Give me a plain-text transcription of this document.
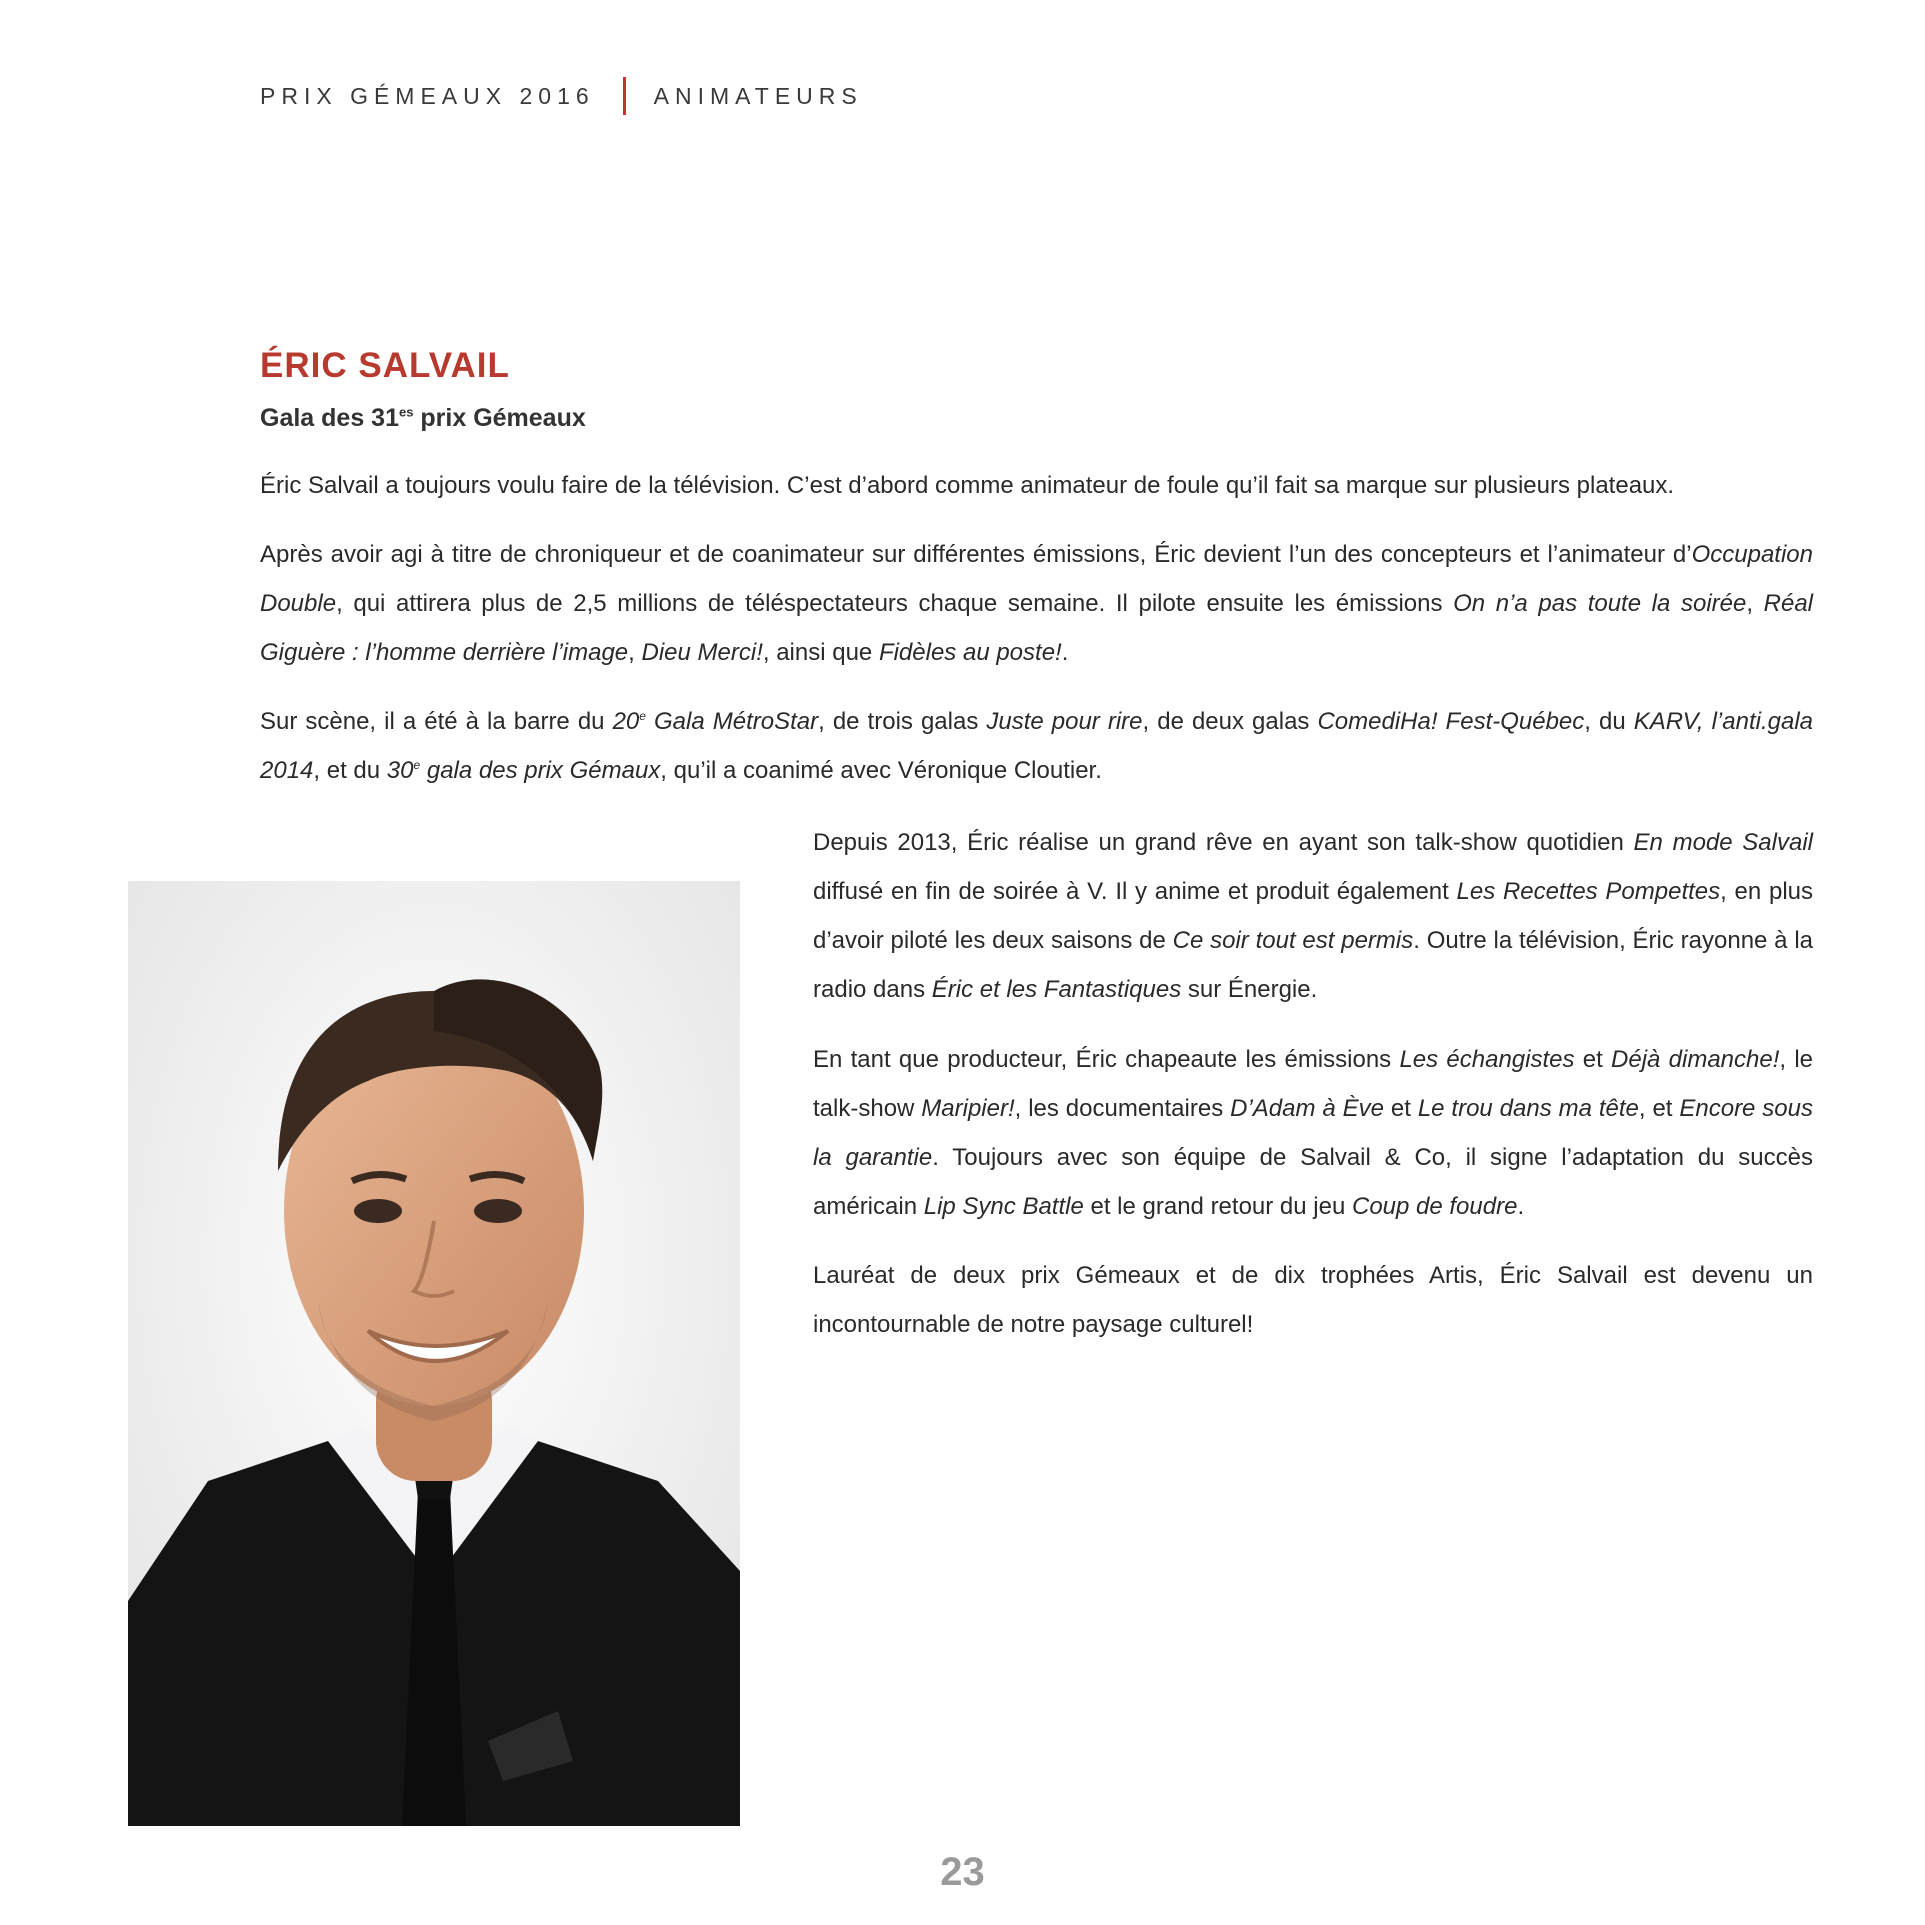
PRIX GÉMEAUX 2016	ANIMATEURS
ÉRIC SALVAIL

Gala des $31^{es}$ prix Gémeaux

Éric Salvail a toujours voulu faire de la télévision. C’est d’abord comme animateur de foule qu’il fait sa marque sur plusieurs plateaux.

Après avoir agi à titre de chroniqueur et de coanimateur sur différentes émissions, Éric devient l’un des concepteurs et l’animateur d’Occupation Double, qui attirera plus de 2,5 millions de téléspectateurs chaque semaine. Il pilote ensuite les émissions On n’a pas toute la soirée, Réal Giguère : l’homme derrière l’image, Dieu Merci!, ainsi que Fidèles au poste!.

Sur scène, il a été à la barre du 20e Gala MétroStar, de trois galas Juste pour rire, de deux galas ComediHa! Fest-Québec, du KARV, l’anti.gala 2014, et du 30e gala des prix Gémaux, qu’il a coanimé avec Véronique Cloutier.

Depuis 2013, Éric réalise un grand rêve en ayant son talk-show quotidien En mode Salvail diffusé en fin de soirée à V. Il y anime et produit également Les Recettes Pompettes, en plus d’avoir piloté les deux saisons de Ce soir tout est permis. Outre la télévision, Éric rayonne à la radio dans Éric et les Fantastiques sur Énergie.

En tant que producteur, Éric chapeaute les émissions Les échangistes et Déjà dimanche!, le talk-show Maripier!, les documentaires D’Adam à Ève et Le trou dans ma tête, et Encore sous la garantie. Toujours avec son équipe de Salvail & Co, il signe l’adaptation du succès américain Lip Sync Battle et le grand retour du jeu Coup de foudre.

Lauréat de deux prix Gémeaux et de dix trophées Artis, Éric Salvail est devenu un incontournable de notre paysage culturel!

23
